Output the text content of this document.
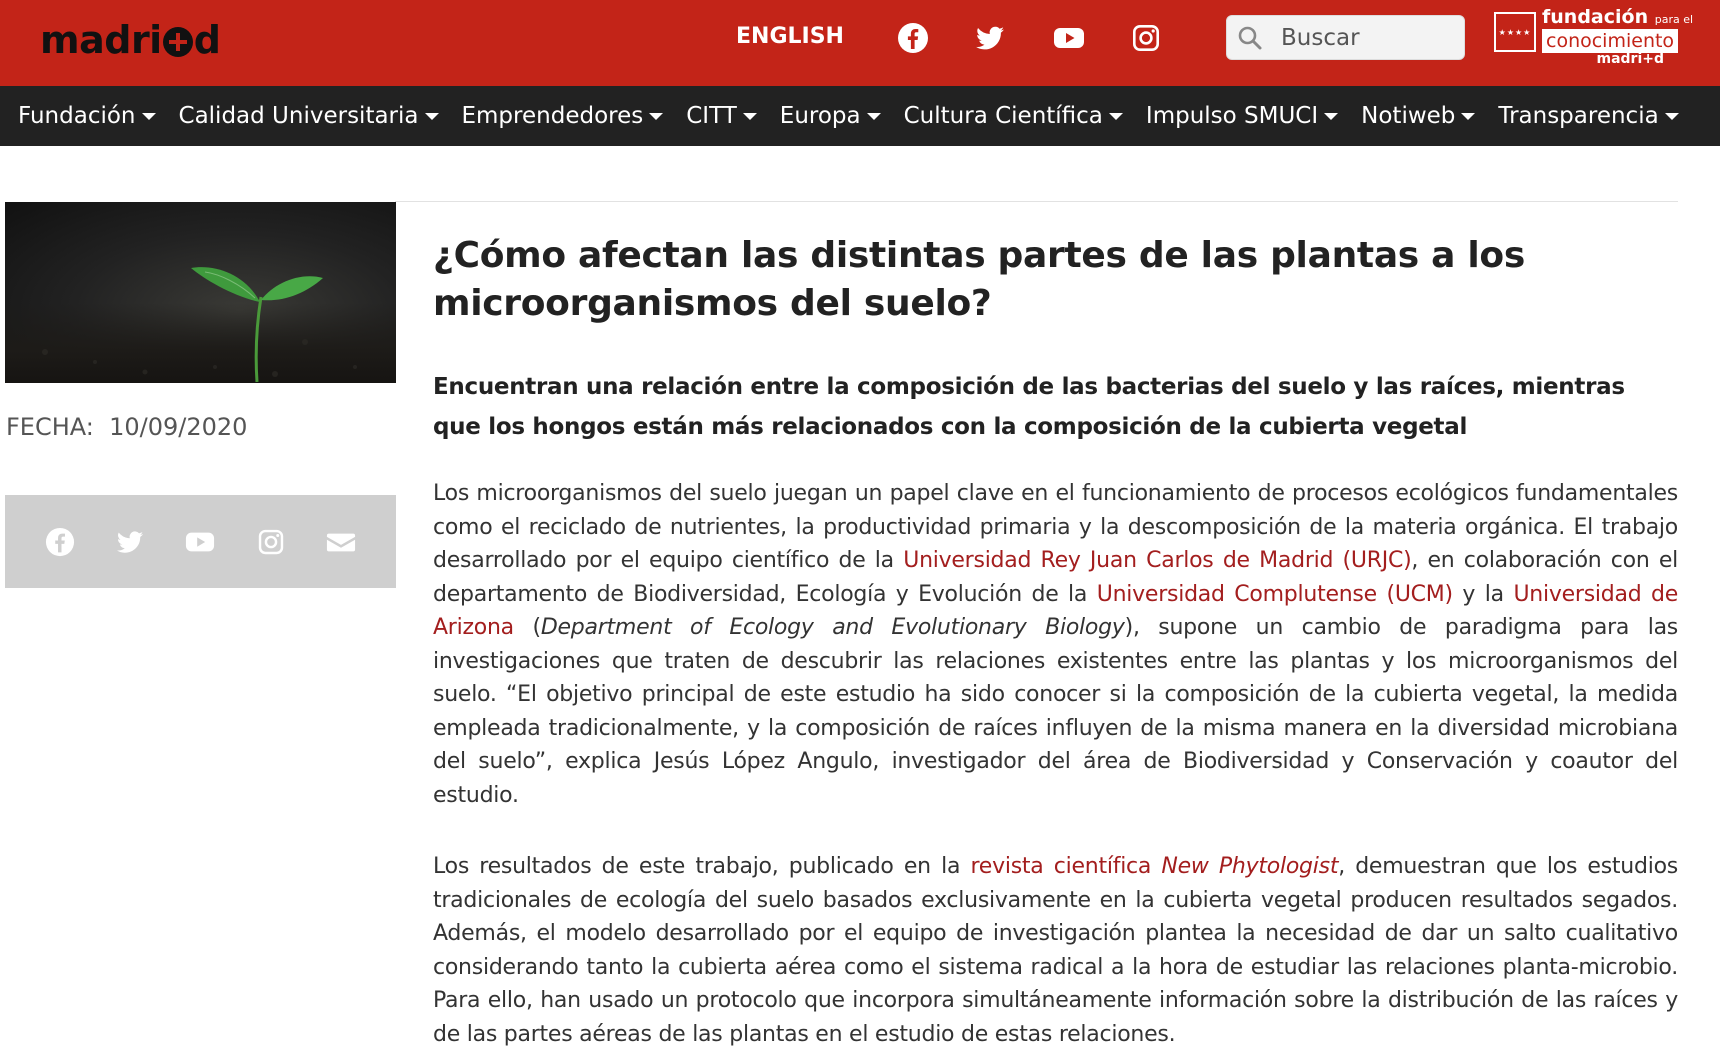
madri d	ENGLISH
Buscar	★★★★
fundación para el
conocimiento
madri+d
Fundación Calidad Universitaria Emprendedores CITT Europa Cultura Científica Impulso SMUCI Notiweb Transparencia
FECHA: 10/09/2020
¿Cómo afectan las distintas partes de las plantas a los microorganismos del suelo?
Encuentran una relación entre la composición de las bacterias del suelo y las raíces, mientras que los hongos están más relacionados con la composición de la cubierta vegetal

Los microorganismos del suelo juegan un papel clave en el funcionamiento de procesos ecológicos fundamentales como el reciclado de nutrientes, la productividad primaria y la descomposición de la materia orgánica. El trabajo desarrollado por el equipo científico de la Universidad Rey Juan Carlos de Madrid (URJC), en colaboración con el departamento de Biodiversidad, Ecología y Evolución de la Universidad Complutense (UCM) y la Universidad de Arizona (Department of Ecology and Evolutionary Biology), supone un cambio de paradigma para las investigaciones que traten de descubrir las relaciones existentes entre las plantas y los microorganismos del suelo. “El objetivo principal de este estudio ha sido conocer si la composición de la cubierta vegetal, la medida empleada tradicionalmente, y la composición de raíces influyen de la misma manera en la diversidad microbiana del suelo”, explica Jesús López Angulo, investigador del área de Biodiversidad y Conservación y coautor del estudio.

Los resultados de este trabajo, publicado en la revista científica New Phytologist, demuestran que los estudios tradicionales de ecología del suelo basados exclusivamente en la cubierta vegetal producen resultados segados. Además, el modelo desarrollado por el equipo de investigación plantea la necesidad de dar un salto cualitativo considerando tanto la cubierta aérea como el sistema radical a la hora de estudiar las relaciones planta-microbio. Para ello, han usado un protocolo que incorpora simultáneamente información sobre la distribución de las raíces y de las partes aéreas de las plantas en el estudio de estas relaciones.
